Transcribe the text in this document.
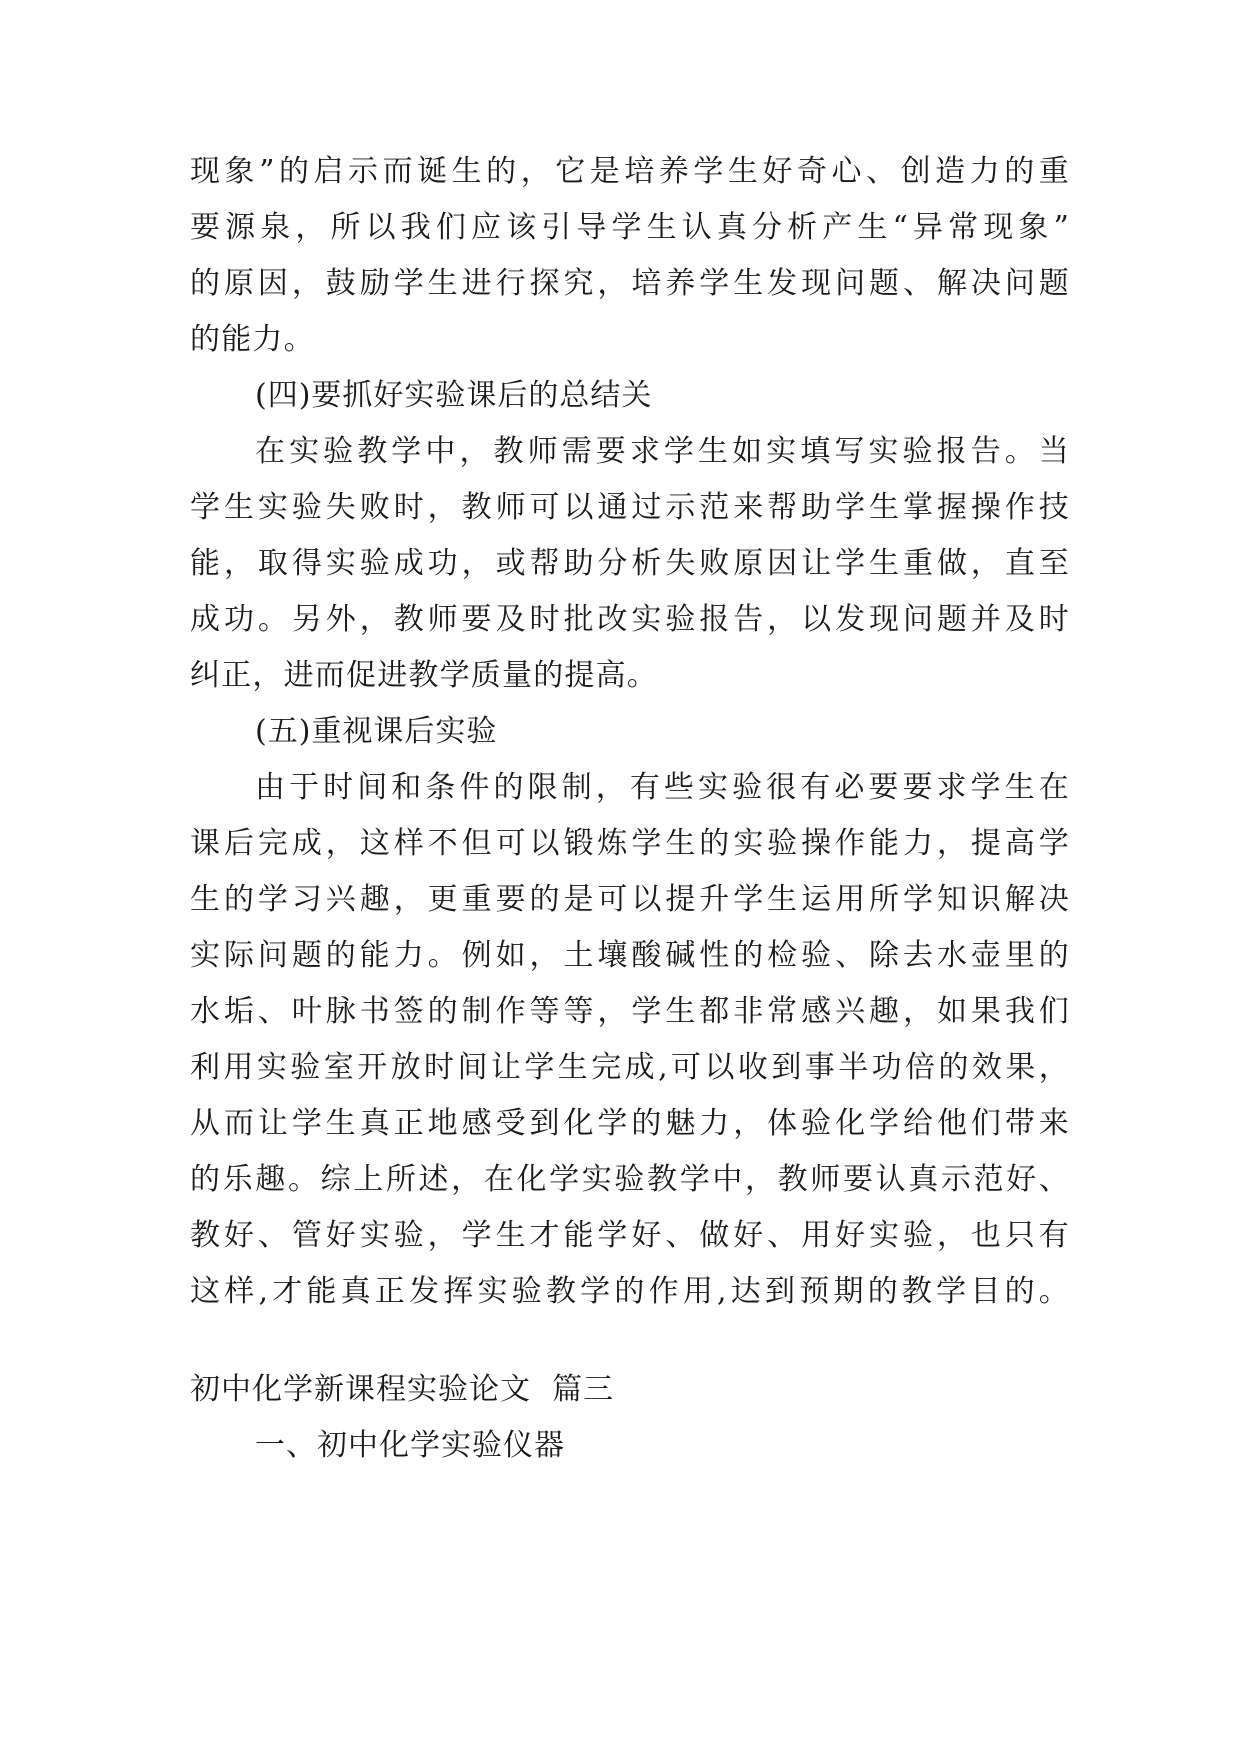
现象”的启示而诞生的，它是培养学生好奇心、创造力的重
要源泉，所以我们应该引导学生认真分析产生“异常现象”
的原因，鼓励学生进行探究，培养学生发现问题、解决问题
的能力。
(四)要抓好实验课后的总结关
在实验教学中，教师需要求学生如实填写实验报告。当
学生实验失败时，教师可以通过示范来帮助学生掌握操作技
能，取得实验成功，或帮助分析失败原因让学生重做，直至
成功。另外，教师要及时批改实验报告，以发现问题并及时
纠正，进而促进教学质量的提高。
(五)重视课后实验
由于时间和条件的限制，有些实验很有必要要求学生在
课后完成，这样不但可以锻炼学生的实验操作能力，提高学
生的学习兴趣，更重要的是可以提升学生运用所学知识解决
实际问题的能力。例如，土壤酸碱性的检验、除去水壶里的
水垢、叶脉书签的制作等等，学生都非常感兴趣，如果我们
利用实验室开放时间让学生完成,可以收到事半功倍的效果，
从而让学生真正地感受到化学的魅力，体验化学给他们带来
的乐趣。综上所述，在化学实验教学中，教师要认真示范好、
教好、管好实验，学生才能学好、做好、用好实验，也只有
这样,才能真正发挥实验教学的作用,达到预期的教学目的。
初中化学新课程实验论文  篇三
一、初中化学实验仪器
